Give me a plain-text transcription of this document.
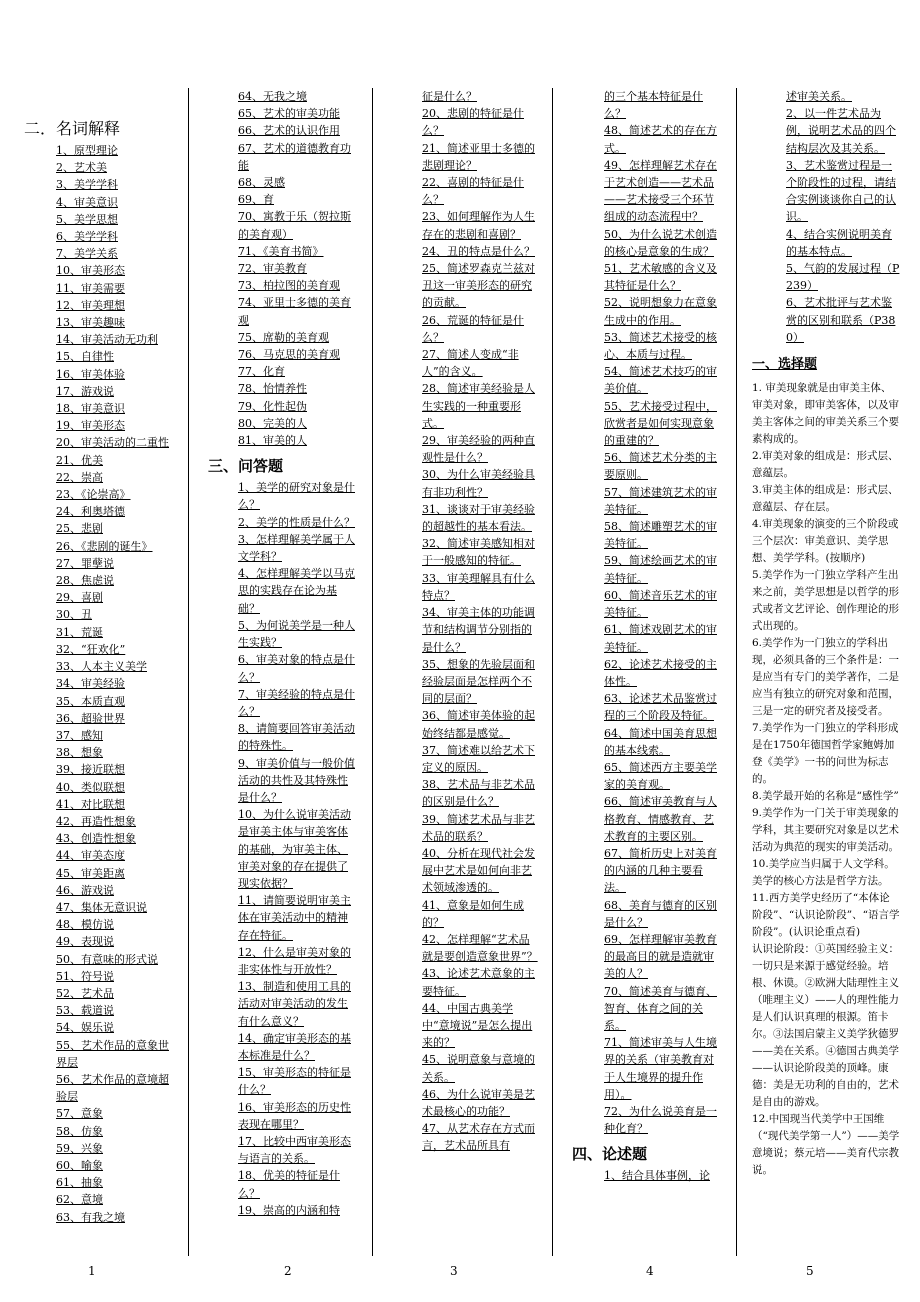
二．名词解释
1、原型理论
2、艺术美
3、美学学科
4、审美意识
5、美学思想
6、美学学科
7、美学关系
10、审美形态
11、审美需要
12、审美理想
13、审美趣味
14、审美活动无功利
15、自律性
16、审美体验
17、游戏说
18、审美意识
19、审美形态
20、审美活动的二重性
21、优美
22、崇高
23、《论崇高》
24、利奥塔德
25、悲剧
26、《悲剧的诞生》
27、罪孽说
28、焦虑说
29、喜剧
30、丑
31、荒诞
32、“狂欢化”
33、人本主义美学
34、审美经验
35、本质直观
36、超验世界
37、感知
38、想象
39、接近联想
40、类似联想
41、对比联想
42、再造性想象
43、创造性想象
44、审美态度
45、审美距离
46、游戏说
47、集体无意识说
48、模仿说
49、表现说
50、有意味的形式说
51、符号说
52、艺术品
53、载道说
54、娱乐说
55、艺术作品的意象世界层
56、艺术作品的意境超验层
57、意象
58、仿象
59、兴象
60、喻象
61、抽象
62、意境
63、有我之境
64、无我之境
65、艺术的审美功能
66、艺术的认识作用
67、艺术的道德教育功能
68、灵感
69、育
70、寓教于乐（贺拉斯的美育观）
71、《美育书简》
72、审美教育
73、柏拉图的美育观
74、亚里士多德的美育观
75、席勒的美育观
76、马克思的美育观
77、化育
78、怡情养性
79、化性起伪
80、完美的人
81、审美的人
三、问答题
1、美学的研究对象是什么？
2、美学的性质是什么？
3、怎样理解美学属于人文学科？
4、怎样理解美学以马克思的实践存在论为基础？
5、为何说美学是一种人生实践？
6、审美对象的特点是什么？
7、审美经验的特点是什么？
8、请简要回答审美活动的特殊性。
9、审美价值与一般价值活动的共性及其特殊性是什么？
10、为什么说审美活动是审美主体与审美客体的基础，为审美主体、审美对象的存在提供了现实依据？
11、请简要说明审美主体在审美活动中的精神存在特征。
12、什么是审美对象的非实体性与开放性？
13、制造和使用工具的活动对审美活动的发生有什么意义？
14、确定审美形态的基本标准是什么？
15、审美形态的特征是什么？
16、审美形态的历史性表现在哪里？
17、比较中西审美形态与语言的关系。
18、优美的特征是什么？
19、崇高的内涵和特
征是什么？
20、悲剧的特征是什么？
21、简述亚里士多德的悲剧理论？
22、喜剧的特征是什么？
23、如何理解作为人生存在的悲剧和喜剧？
24、丑的特点是什么？
25、简述罗森克兰兹对丑这一审美形态的研究的贡献。
26、荒诞的特征是什么？
27、简述人变成“非人”的含义。
28、简述审美经验是人生实践的一种重要形式。
29、审美经验的两种直观性是什么？
30、为什么审美经验具有非功利性？
31、谈谈对于审美经验的超越性的基本看法。
32、简述审美感知相对于一般感知的特征。
33、审美理解具有什么特点？
34、审美主体的功能调节和结构调节分别指的是什么？
35、想象的先验层面和经验层面是怎样两个不同的层面？
36、简述审美体验的起始终结都是感觉。
37、简述难以给艺术下定义的原因。
38、艺术品与非艺术品的区别是什么？
39、简述艺术品与非艺术品的联系？
40、分析在现代社会发展中艺术是如何向非艺术领域渗透的。
41、意象是如何生成的？
42、怎样理解“艺术品就是要创造意象世界”？
43、论述艺术意象的主要特征。
44、中国古典美学中“意境说”是怎么提出来的？
45、说明意象与意境的关系。
46、为什么说审美是艺术最核心的功能？
47、从艺术存在方式而言，艺术品所具有
的三个基本特征是什么？
48、简述艺术的存在方式。
49、怎样理解艺术存在于艺术创造——艺术品——艺术接受三个环节组成的动态流程中？
50、为什么说艺术创造的核心是意象的生成？
51、艺术敏感的含义及其特征是什么？
52、说明想象力在意象生成中的作用。
53、简述艺术接受的核心、本质与过程。
54、简述艺术技巧的审美价值。
55、艺术接受过程中，欣赏者是如何实现意象的重建的？
56、简述艺术分类的主要原则。
57、简述建筑艺术的审美特征。
58、简述雕塑艺术的审美特征。
59、简述绘画艺术的审美特征。
60、简述音乐艺术的审美特征。
61、简述戏剧艺术的审美特征。
62、论述艺术接受的主体性。
63、论述艺术品鉴赏过程的三个阶段及特征。
64、简述中国美育思想的基本线索。
65、简述西方主要美学家的美育观。
66、简述审美教育与人格教育、情感教育、艺术教育的主要区别。
67、简析历史上对美育的内涵的几种主要看法。
68、美育与德育的区别是什么？
69、怎样理解审美教育的最高目的就是造就审美的人？
70、简述美育与德育、智育、体育之间的关系。
71、简述审美与人生境界的关系（审美教育对于人生境界的提升作用）。
72、为什么说美育是一种化育？
四、论述题
1、结合具体事例，论
述审美关系。
2、以一件艺术品为例，说明艺术品的四个结构层次及其关系。
3、艺术鉴赏过程是一个阶段性的过程，请结合实例谈谈你自己的认识。
4、结合实例说明美育的基本特点。
5、气韵的发展过程（P239）
6、艺术批评与艺术鉴赏的区别和联系（P380）
一、选择题
1. 审美现象就是由审美主体、审美对象，即审美客体，以及审美主客体之间的审美关系三个要素构成的。
2.审美对象的组成是：形式层、意蕴层。
3.审美主体的组成是：形式层、意蕴层、存在层。
4.审美现象的演变的三个阶段或三个层次：审美意识、美学思想、美学学科。(按顺序)
5.美学作为一门独立学科产生出来之前，美学思想是以哲学的形式或者文艺评论、创作理论的形式出现的。
6.美学作为一门独立的学科出现，必须具备的三个条件是：一是应当有专门的美学著作，二是应当有独立的研究对象和范围，三是一定的研究者及接受者。
7.美学作为一门独立的学科形成是在1750年德国哲学家鲍姆加登《美学》一书的问世为标志的。
8.美学最开始的名称是“感性学”
9.美学作为一门关于审美现象的学科，其主要研究对象是以艺术活动为典范的现实的审美活动。
10.美学应当归属于人文学科。美学的核心方法是哲学方法。
11.西方美学史经历了“本体论阶段”、“认识论阶段”、“语言学阶段”。(认识论重点看)
认识论阶段：①英国经验主义：一切只是来源于感觉经验。培根、休谟。②欧洲大陆理性主义（唯理主义）——人的理性能力是人们认识真理的根源。笛卡尔。③法国启蒙主义美学狄德罗——美在关系。④德国古典美学——认识论阶段美的顶峰。康德：美是无功利的自由的，艺术是自由的游戏。
12.中国现当代美学中王国维（“现代美学第一人”）——美学意境说；蔡元培——美育代宗教说。
1	2	3	4	5
